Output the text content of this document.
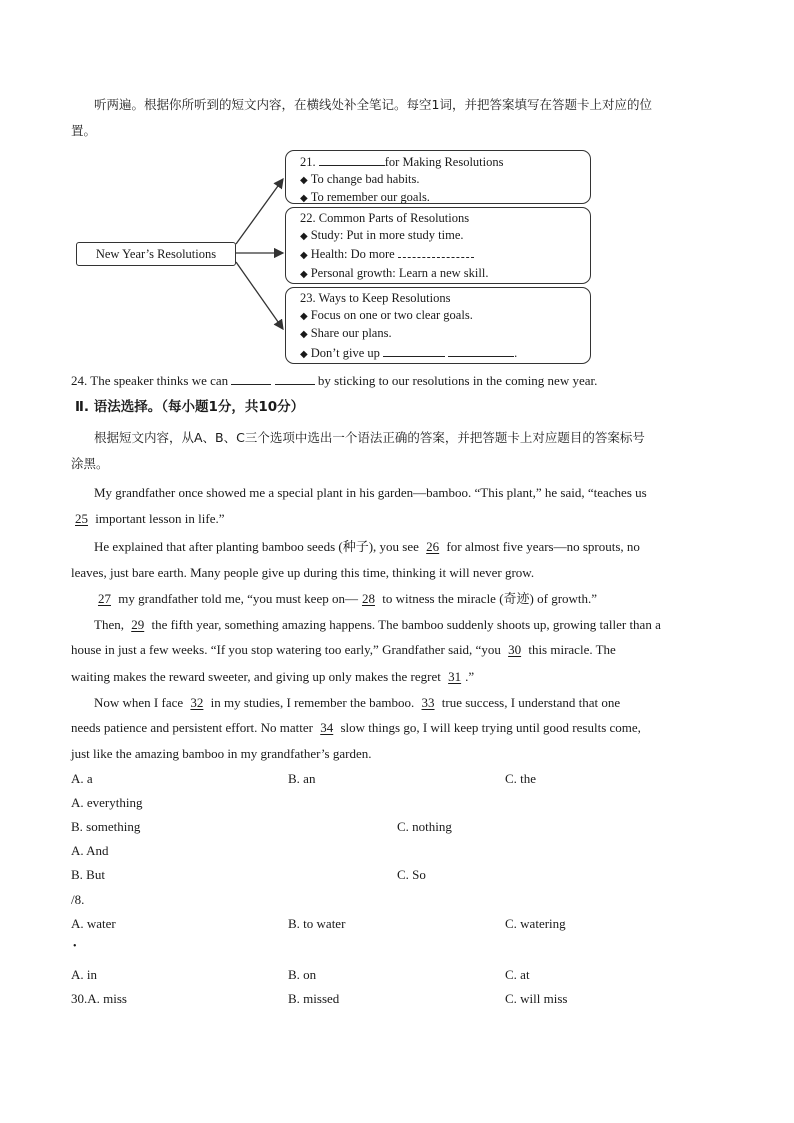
听两遍。根据你所听到的短文内容，在横线处补全笔记。每空1词，并把答案填写在答题卡上对应的位
置。
New Year’s Resolutions
21.	for Making Resolutions
◆ To change bad habits.
◆ To remember our goals.
22. Common Parts of Resolutions
◆ Study: Put in more study time.
◆ Health: Do more
◆ Personal growth: Learn a new skill.
23. Ways to Keep Resolutions
◆ Focus on one or two clear goals.
◆ Share our plans.
◆ Don’t give up	.
24. The speaker thinks we can	by sticking to our resolutions in the coming new year.
Ⅱ. 语法选择。（每小题1分，共10分）
根据短文内容，从A、B、C三个选项中选出一个语法正确的答案，并把答题卡上对应题目的答案标号
涂黑。
My grandfather once showed me a special plant in his garden—bamboo. “This plant,” he said, “teaches us
25 important lesson in life.”
He explained that after planting bamboo seeds (种子), you see 26 for almost five years—no sprouts, no
leaves, just bare earth. Many people give up during this time, thinking it will never grow.
27 my grandfather told me, “you must keep on— 28 to witness the miracle (奇迹) of growth.”
Then, 29 the fifth year, something amazing happens. The bamboo suddenly shoots up, growing taller than a
house in just a few weeks. “If you stop watering too early,” Grandfather said, “you 30 this miracle. The
waiting makes the reward sweeter, and giving up only makes the regret 31 .”
Now when I face 32 in my studies, I remember the bamboo. 33 true success, I understand that one
needs patience and persistent effort. No matter 34 slow things go, I will keep trying until good results come,
just like the amazing bamboo in my grandfather’s garden.
A. a	B. an	C. the
A. everything
B. something	C. nothing
A. And
B. But	C. So
/8.
A. water	B. to water	C. watering
•
A. in	B. on	C. at
30.A. miss	B. missed	C. will miss
